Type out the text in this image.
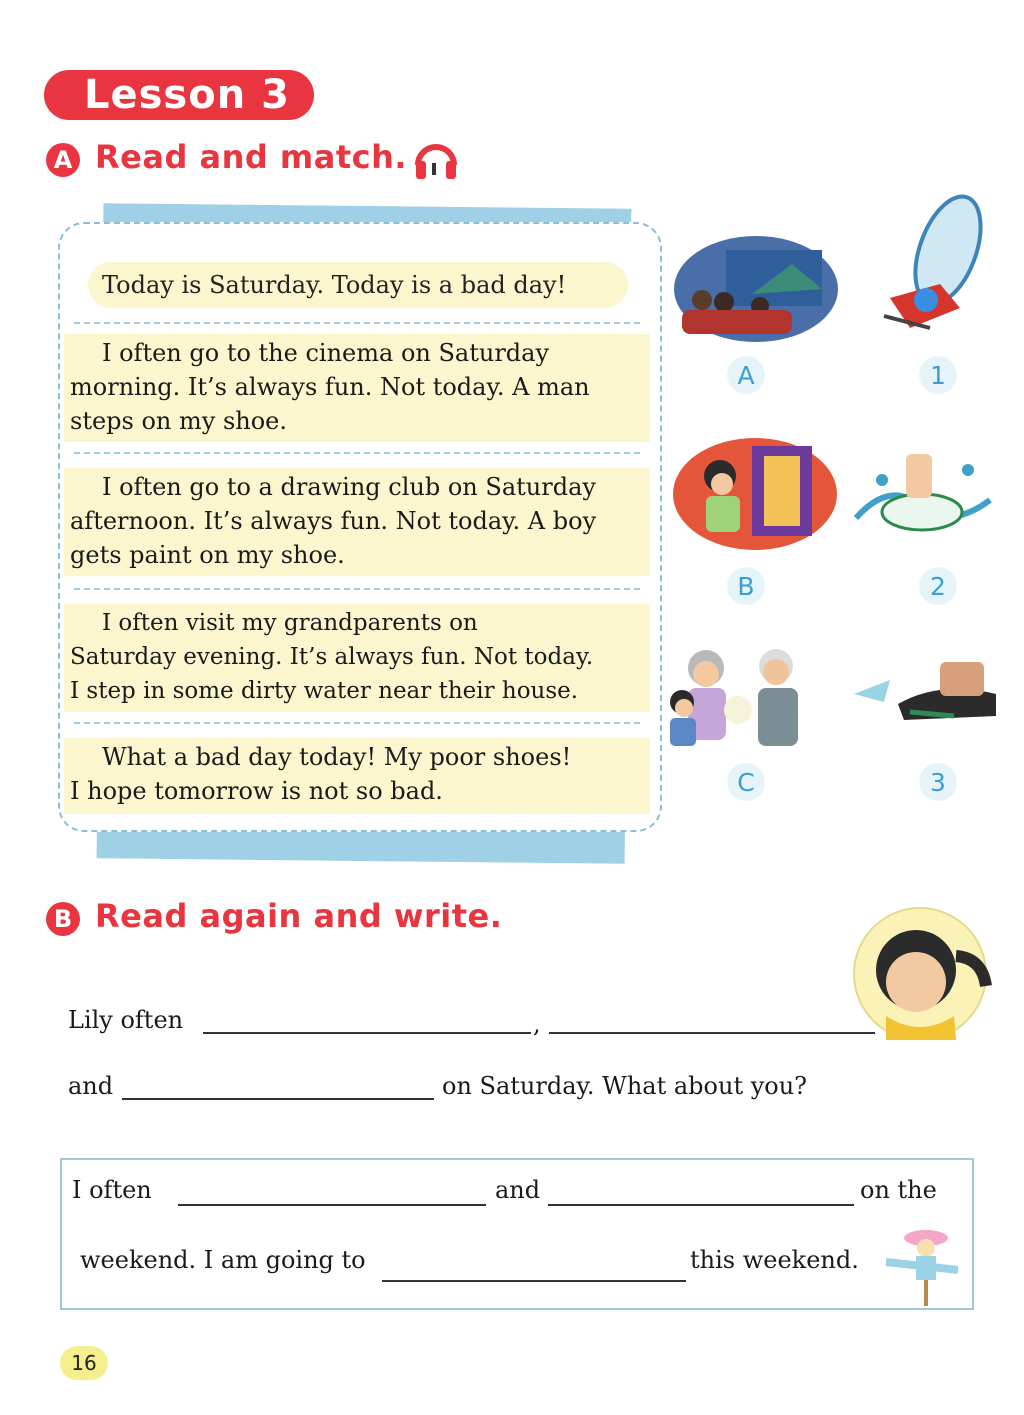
Lesson 3
A Read and match.
Today is Saturday. Today is a bad day!
I often go to the cinema on Saturday
morning. It’s always fun. Not today. A man
steps on my shoe.
I often go to a drawing club on Saturday
afternoon. It’s always fun. Not today. A boy
gets paint on my shoe.
I often visit my grandparents on
Saturday evening. It’s always fun. Not today.
I step in some dirty water near their house.
What a bad day today! My poor shoes!
I hope tomorrow is not so bad.
A
B
C
1
2
3
B Read again and write.
Lily often	,
and	on Saturday. What about you?
I often	and	on the
weekend. I am going to	this weekend.
16
